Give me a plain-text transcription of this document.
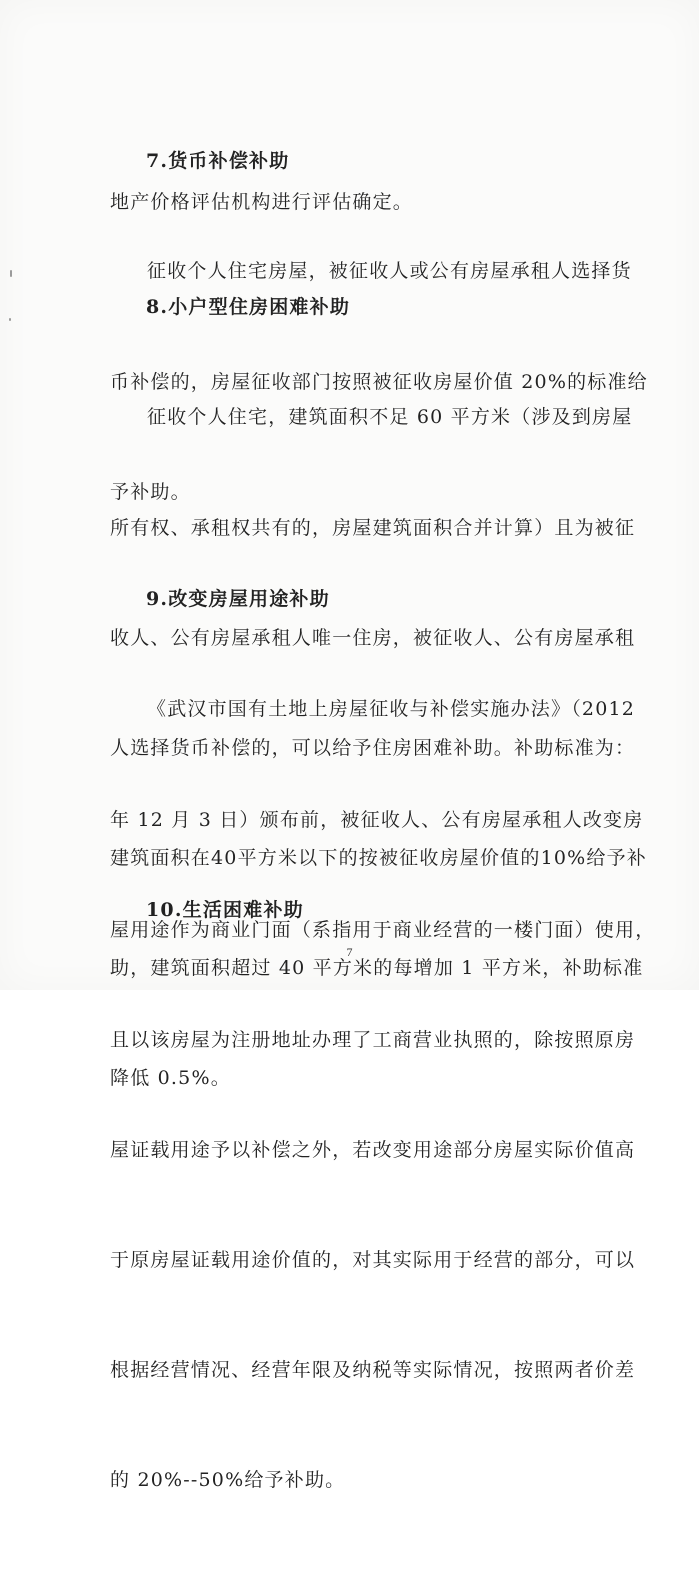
地产价格评估机构进行评估确定。

7.货币补偿补助

征收个人住宅房屋，被征收人或公有房屋承租人选择货

币补偿的，房屋征收部门按照被征收房屋价值 20%的标准给

予补助。

8.小户型住房困难补助

征收个人住宅，建筑面积不足 60 平方米（涉及到房屋

所有权、承租权共有的，房屋建筑面积合并计算）且为被征

收人、公有房屋承租人唯一住房，被征收人、公有房屋承租

人选择货币补偿的，可以给予住房困难补助。补助标准为：

建筑面积在40平方米以下的按被征收房屋价值的10%给予补

助，建筑面积超过 40 平方米的每增加 1 平方米，补助标准

降低 0.5%。

9.改变房屋用途补助

《武汉市国有土地上房屋征收与补偿实施办法》（2012

年 12 月 3 日）颁布前，被征收人、公有房屋承租人改变房

屋用途作为商业门面（系指用于商业经营的一楼门面）使用，

且以该房屋为注册地址办理了工商营业执照的，除按照原房

屋证载用途予以补偿之外，若改变用途部分房屋实际价值高

于原房屋证载用途价值的，对其实际用于经营的部分，可以

根据经营情况、经营年限及纳税等实际情况，按照两者价差

的 20%--50%给予补助。

10.生活困难补助
7
